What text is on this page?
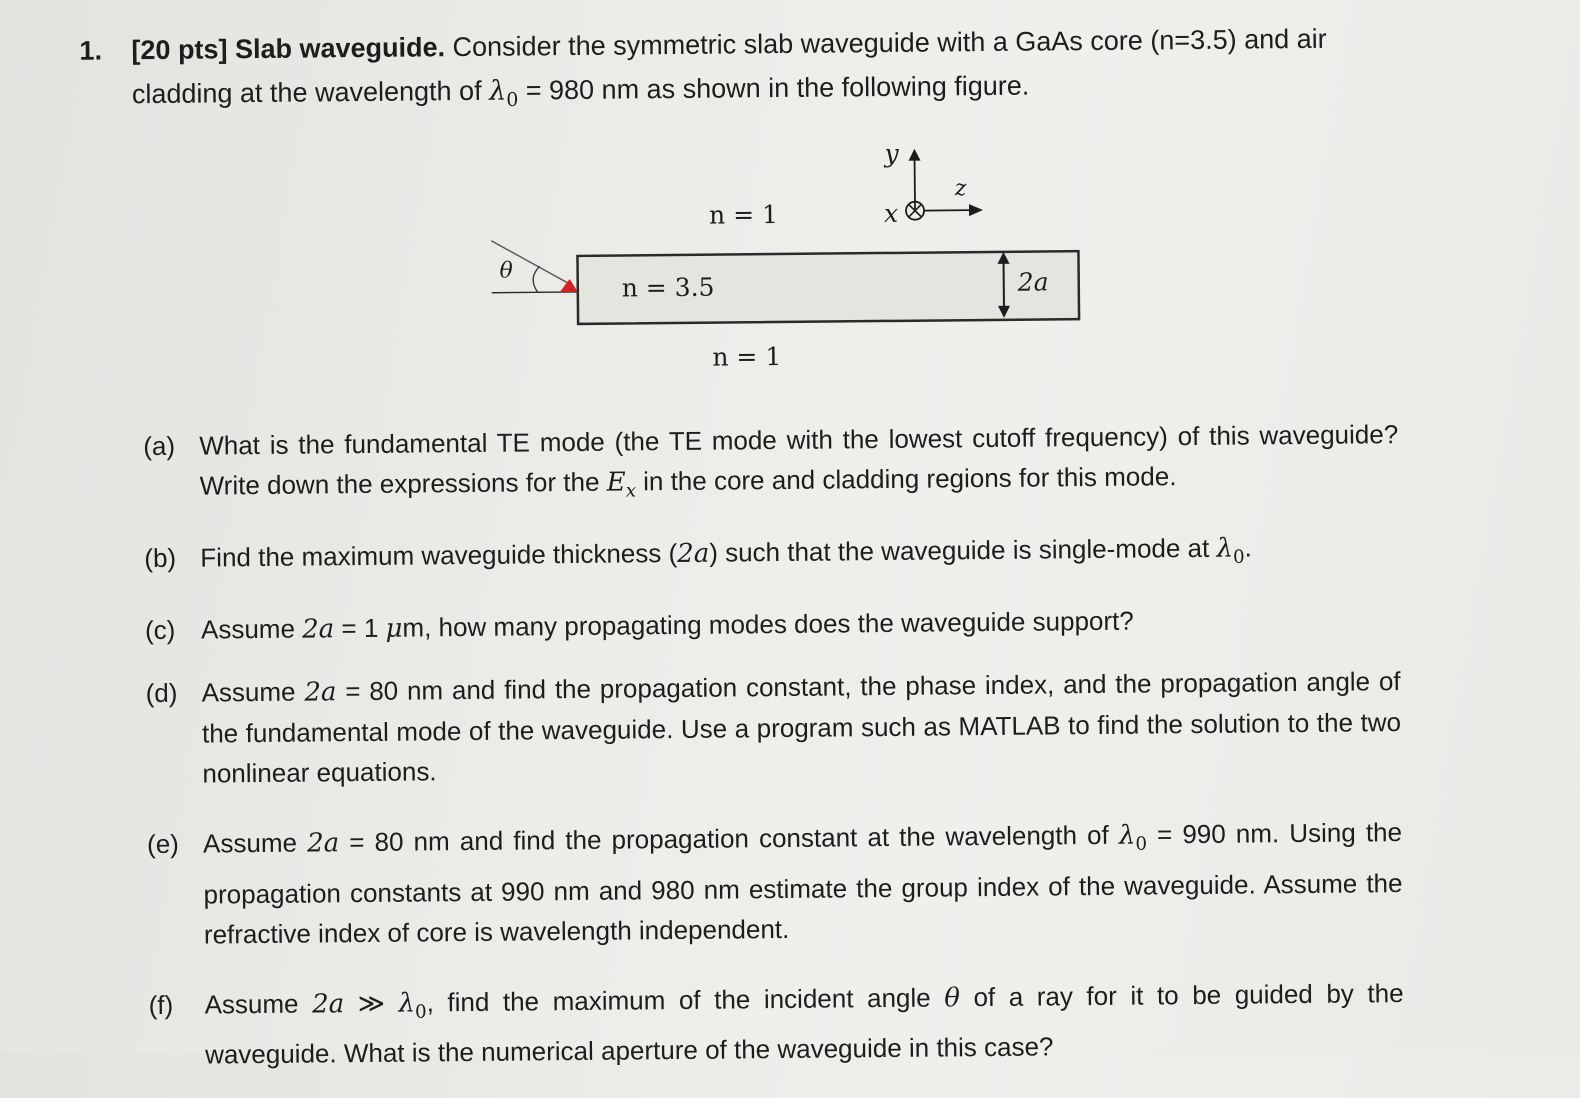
1. [20 pts] Slab waveguide. Consider the symmetric slab waveguide with a GaAs core (n=3.5) and air cladding at the wavelength of $\lambda_0 = 980$ nm as shown in the following figure.
y
z
x
n = 1
n = 3.5
n = 1
θ	2a
(a) What is the fundamental TE mode (the TE mode with the lowest cutoff frequency) of this waveguide? Write down the expressions for the $E_x$ in the core and cladding regions for this mode.
(b) Find the maximum waveguide thickness (2a) such that the waveguide is single-mode at $\lambda_0$.
(c) Assume 2a = 1 μm, how many propagating modes does the waveguide support?
(d) Assume 2a = 80 nm and find the propagation constant, the phase index, and the propagation angle of the fundamental mode of the waveguide. Use a program such as MATLAB to find the solution to the two nonlinear equations.
(e) Assume 2a = 80 nm and find the propagation constant at the wavelength of $\lambda_0 = 990$ nm. Using the propagation constants at 990 nm and 980 nm estimate the group index of the waveguide. Assume the refractive index of core is wavelength independent.
(f) Assume 2a ≫ $\lambda_0$, find the maximum of the incident angle θ of a ray for it to be guided by the waveguide. What is the numerical aperture of the waveguide in this case?
